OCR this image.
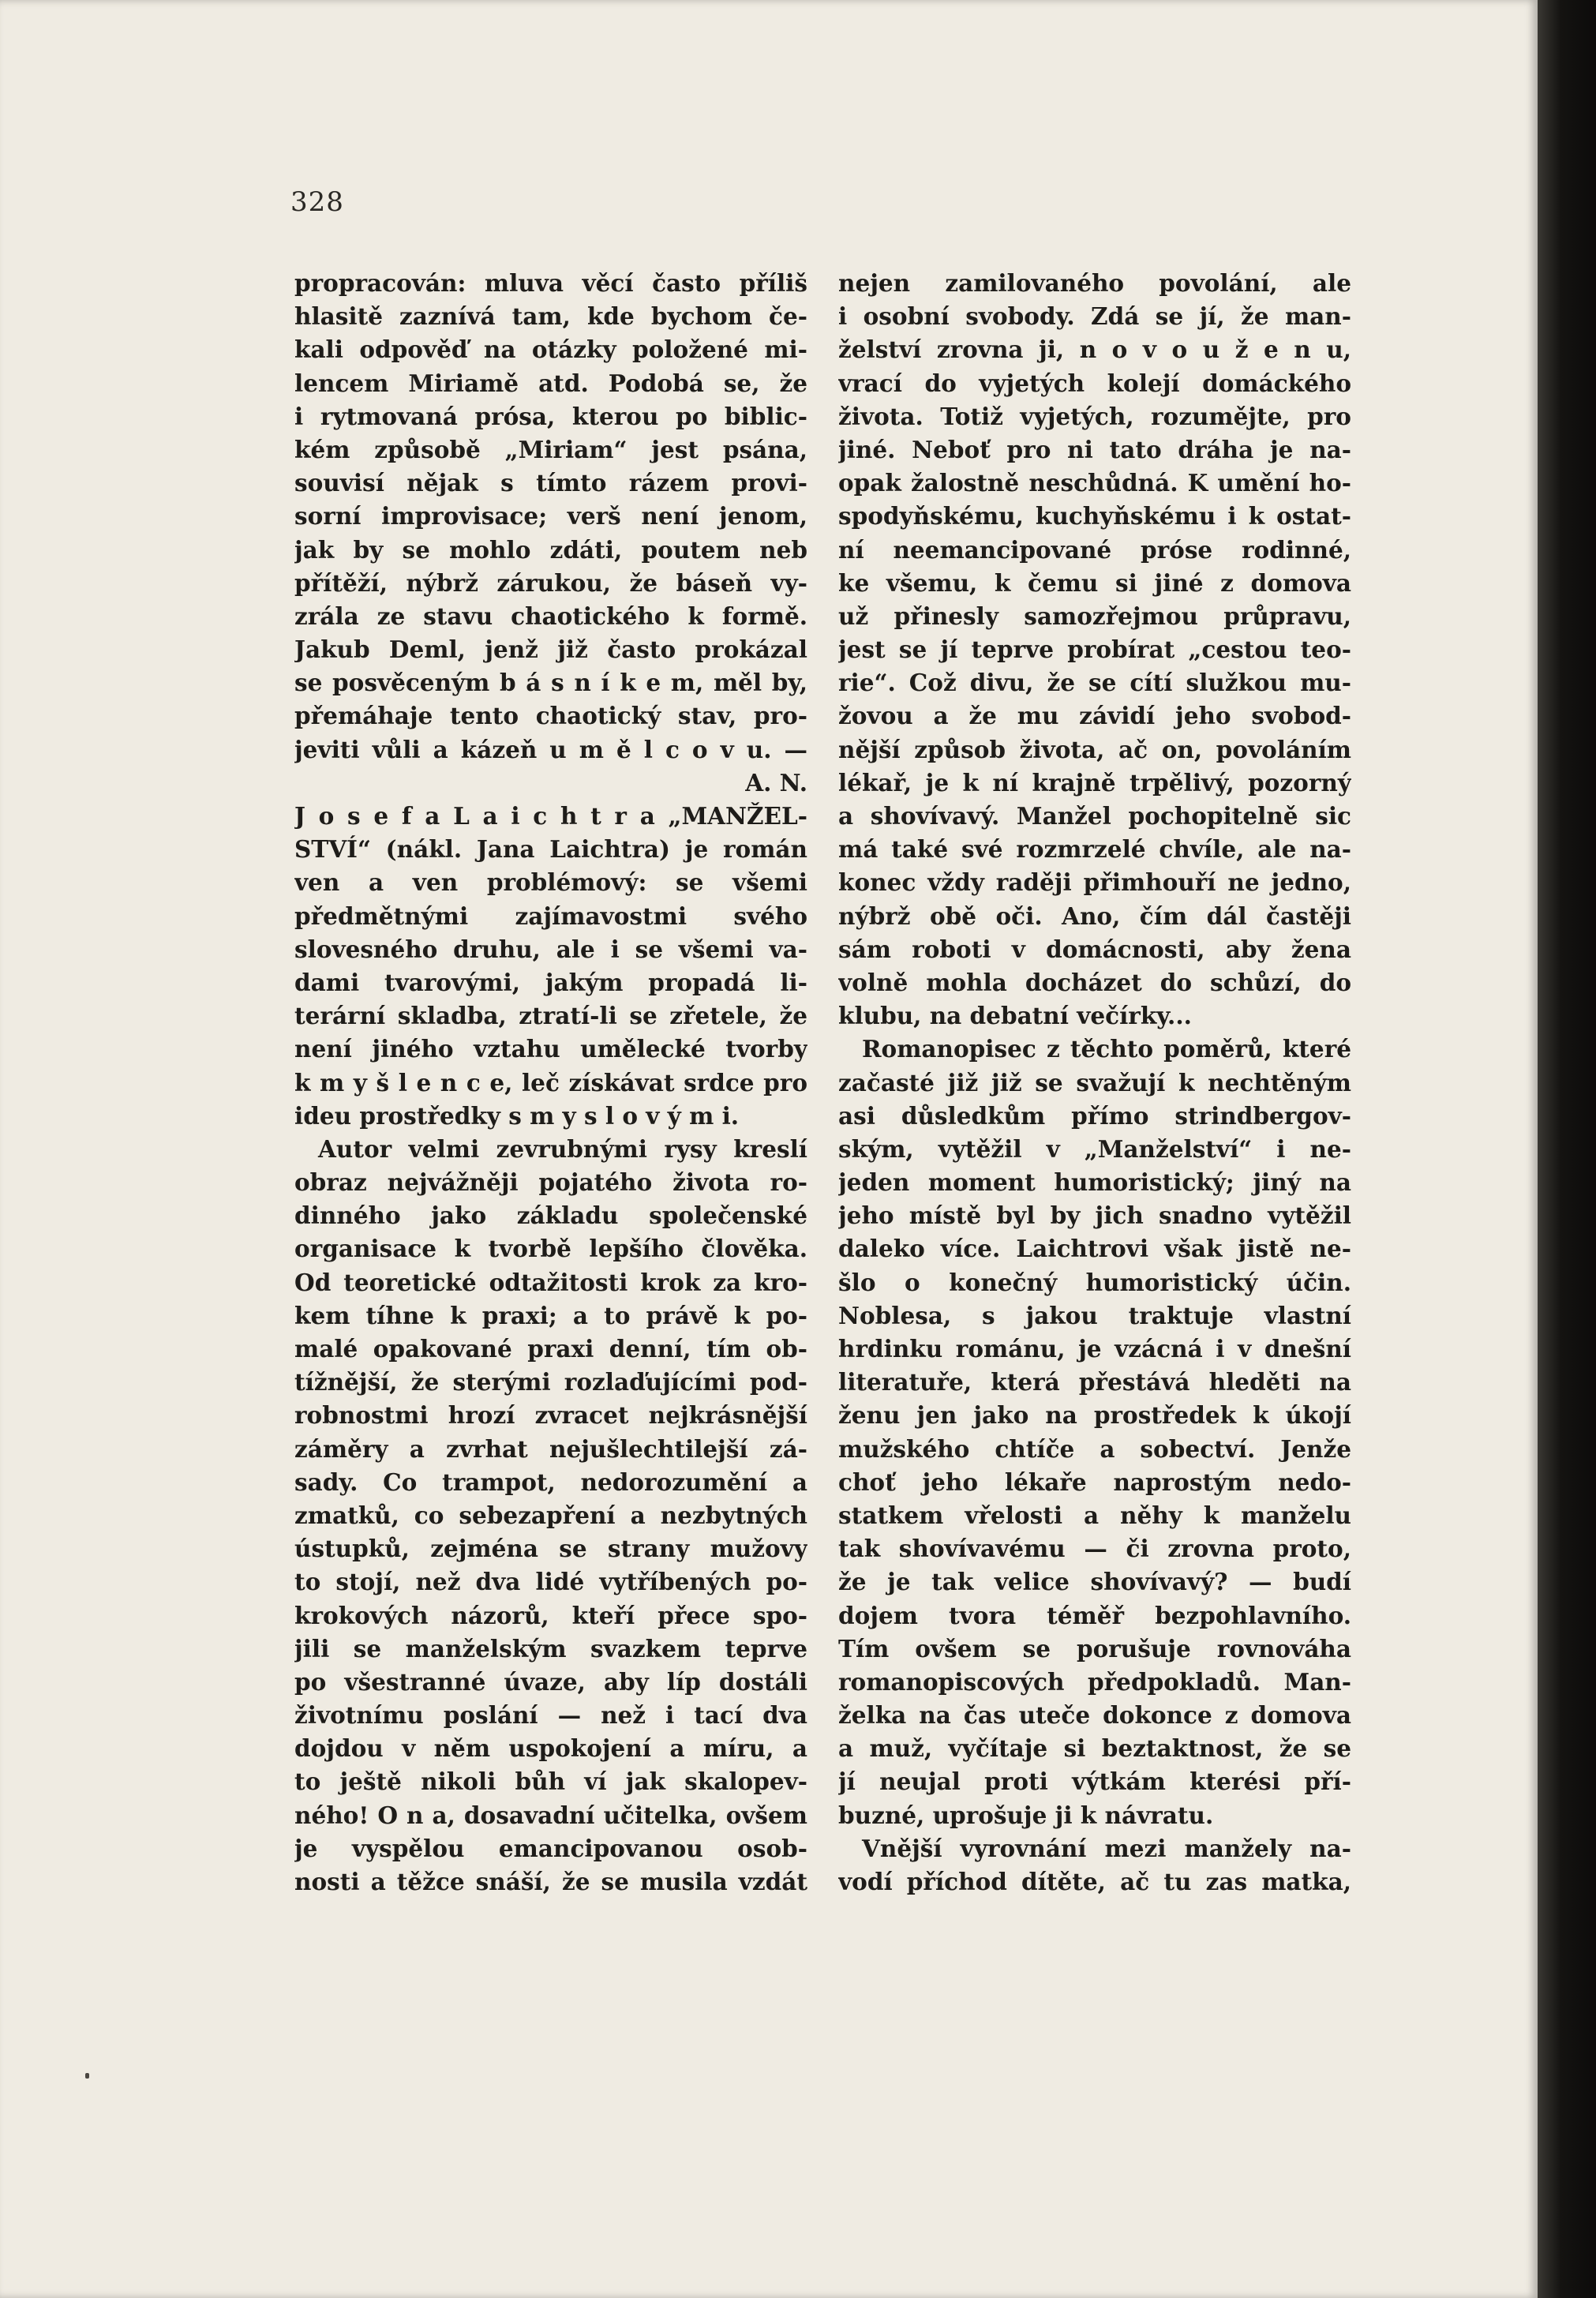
328
propracován: mluva věcí často příliš
hlasitě zaznívá tam, kde bychom če-
kali odpověď na otázky položené mi-
lencem Miriamě atd. Podobá se, že
i rytmovaná prósa, kterou po biblic-
kém způsobě „Miriam“ jest psána,
souvisí nějak s tímto rázem provi-
sorní improvisace; verš není jenom,
jak by se mohlo zdáti, poutem neb
přítěží, nýbrž zárukou, že báseň vy-
zrála ze stavu chaotického k formě.
Jakub Deml, jenž již často prokázal
se posvěceným b á s n í k e m, měl by,
přemáhaje tento chaotický stav, pro-
jeviti vůli a kázeň u m ě l c o v u. —
A. N.
J o s e f a L a i c h t r a „MANŽEL-
STVÍ“ (nákl. Jana Laichtra) je román
ven a ven problémový: se všemi
předmětnými zajímavostmi svého
slovesného druhu, ale i se všemi va-
dami tvarovými, jakým propadá li-
terární skladba, ztratí-li se zřetele, že
není jiného vztahu umělecké tvorby
k m y š l e n c e, leč získávat srdce pro
ideu prostředky s m y s l o v ý m i.
Autor velmi zevrubnými rysy kreslí
obraz nejvážněji pojatého života ro-
dinného jako základu společenské
organisace k tvorbě lepšího člověka.
Od teoretické odtažitosti krok za kro-
kem tíhne k praxi; a to právě k po-
malé opakované praxi denní, tím ob-
tížnější, že sterými rozlaďujícími pod-
robnostmi hrozí zvracet nejkrásnější
záměry a zvrhat nejušlechtilejší zá-
sady. Co trampot, nedorozumění a
zmatků, co sebezapření a nezbytných
ústupků, zejména se strany mužovy
to stojí, než dva lidé vytříbených po-
krokových názorů, kteří přece spo-
jili se manželským svazkem teprve
po všestranné úvaze, aby líp dostáli
životnímu poslání — než i tací dva
dojdou v něm uspokojení a míru, a
to ještě nikoli bůh ví jak skalopev-
ného! O n a, dosavadní učitelka, ovšem
je vyspělou emancipovanou osob-
nosti a těžce snáší, že se musila vzdát
nejen zamilovaného povolání, ale
i osobní svobody. Zdá se jí, že man-
želství zrovna ji, n o v o u ž e n u,
vrací do vyjetých kolejí domáckého
života. Totiž vyjetých, rozumějte, pro
jiné. Neboť pro ni tato dráha je na-
opak žalostně neschůdná. K umění ho-
spodyňskému, kuchyňskému i k ostat-
ní neemancipované próse rodinné,
ke všemu, k čemu si jiné z domova
už přinesly samozřejmou průpravu,
jest se jí teprve probírat „cestou teo-
rie“. Což divu, že se cítí služkou mu-
žovou a že mu závidí jeho svobod-
nější způsob života, ač on, povoláním
lékař, je k ní krajně trpělivý, pozorný
a shovívavý. Manžel pochopitelně sic
má také své rozmrzelé chvíle, ale na-
konec vždy raději přimhouří ne jedno,
nýbrž obě oči. Ano, čím dál častěji
sám roboti v domácnosti, aby žena
volně mohla docházet do schůzí, do
klubu, na debatní večírky...
Romanopisec z těchto poměrů, které
začasté již již se svažují k nechtěným
asi důsledkům přímo strindbergov-
ským, vytěžil v „Manželství“ i ne-
jeden moment humoristický; jiný na
jeho místě byl by jich snadno vytěžil
daleko více. Laichtrovi však jistě ne-
šlo o konečný humoristický účin.
Noblesa, s jakou traktuje vlastní
hrdinku románu, je vzácná i v dnešní
literatuře, která přestává hleděti na
ženu jen jako na prostředek k úkojí
mužského chtíče a sobectví. Jenže
choť jeho lékaře naprostým nedo-
statkem vřelosti a něhy k manželu
tak shovívavému — či zrovna proto,
že je tak velice shovívavý? — budí
dojem tvora téměř bezpohlavního.
Tím ovšem se porušuje rovnováha
romanopiscových předpokladů. Man-
želka na čas uteče dokonce z domova
a muž, vyčítaje si beztaktnost, že se
jí neujal proti výtkám kterési pří-
buzné, uprošuje ji k návratu.
Vnější vyrovnání mezi manžely na-
vodí příchod dítěte, ač tu zas matka,
